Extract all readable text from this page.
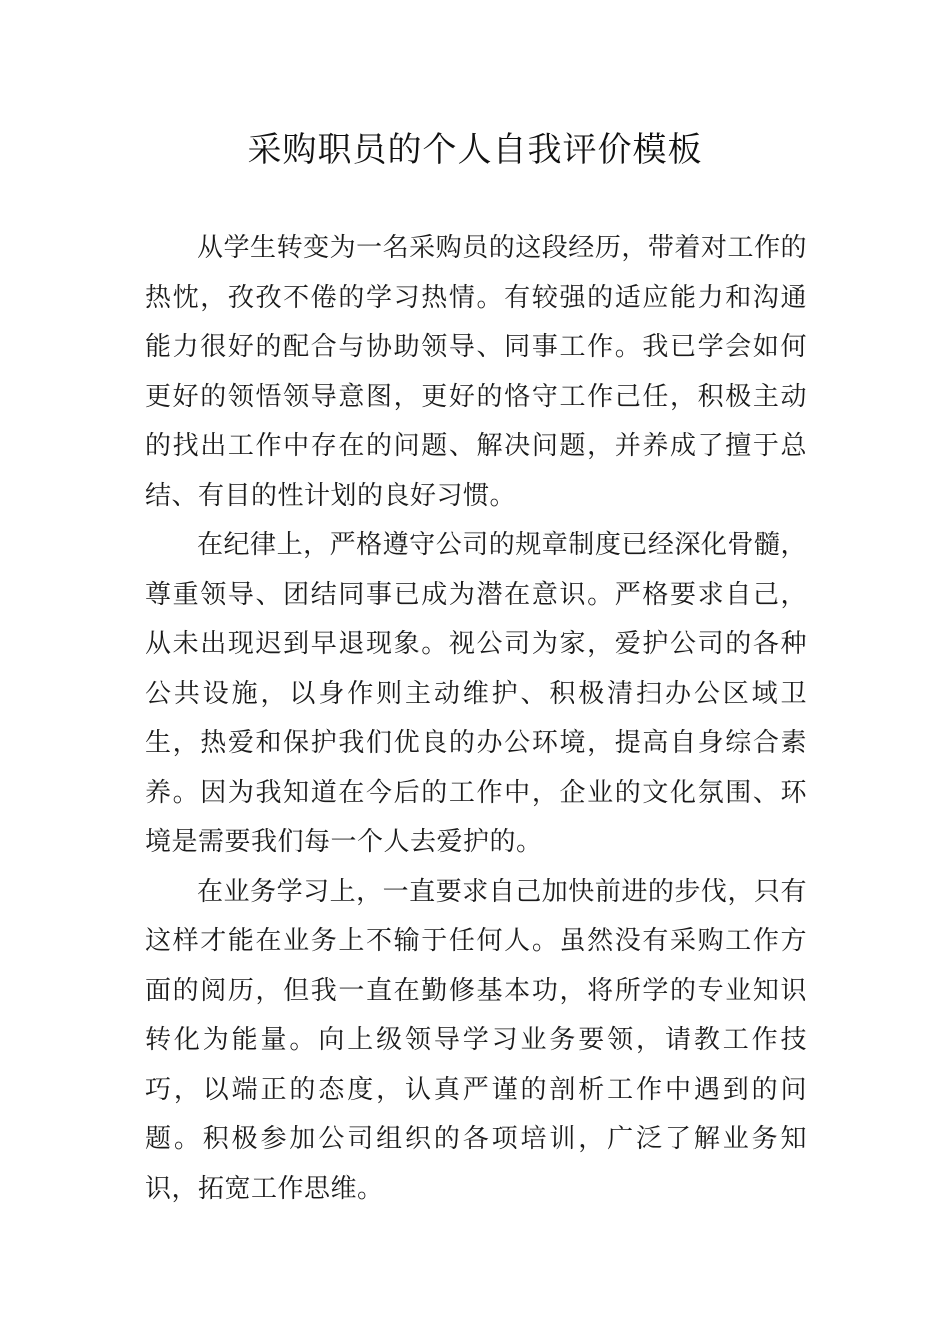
采购职员的个人自我评价模板

从学生转变为一名采购员的这段经历，带着对工作的热忱，孜孜不倦的学习热情。有较强的适应能力和沟通能力很好的配合与协助领导、同事工作。我已学会如何更好的领悟领导意图，更好的恪守工作己任，积极主动的找出工作中存在的问题、解决问题，并养成了擅于总结、有目的性计划的良好习惯。

在纪律上，严格遵守公司的规章制度已经深化骨髓，尊重领导、团结同事已成为潜在意识。严格要求自己，从未出现迟到早退现象。视公司为家，爱护公司的各种公共设施，以身作则主动维护、积极清扫办公区域卫生，热爱和保护我们优良的办公环境，提高自身综合素养。因为我知道在今后的工作中，企业的文化氛围、环境是需要我们每一个人去爱护的。

在业务学习上，一直要求自己加快前进的步伐，只有这样才能在业务上不输于任何人。虽然没有采购工作方面的阅历，但我一直在勤修基本功，将所学的专业知识转化为能量。向上级领导学习业务要领，请教工作技巧，以端正的态度，认真严谨的剖析工作中遇到的问题。积极参加公司组织的各项培训，广泛了解业务知识，拓宽工作思维。
